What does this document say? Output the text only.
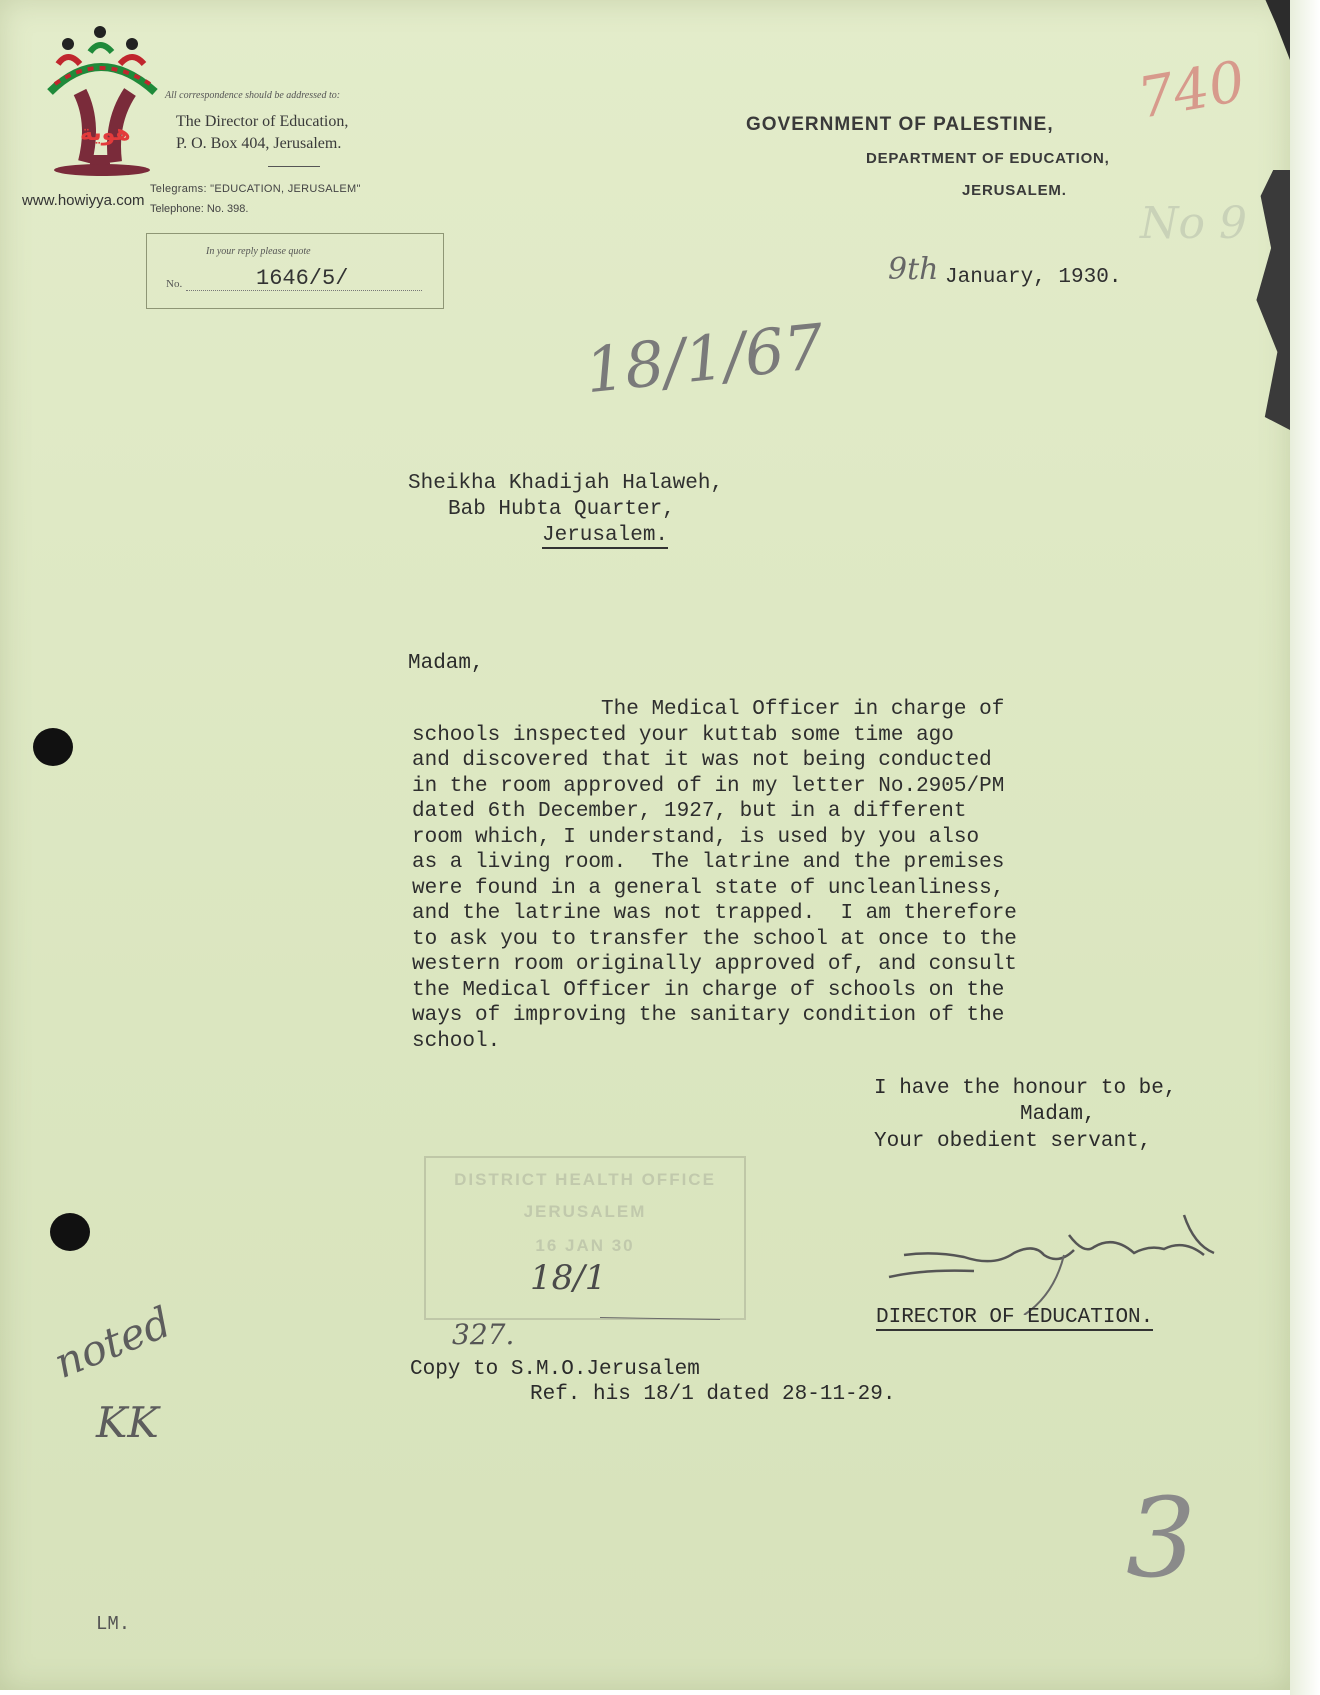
هوية
www.howiyya.com
All correspondence should be addressed to:
The Director of Education,
P. O. Box 404, Jerusalem.
Telegrams: "EDUCATION, JERUSALEM"
Telephone: No. 398.
In your reply please quote
No.	1646/5/
GOVERNMENT OF PALESTINE,
DEPARTMENT OF EDUCATION,
JERUSALEM.
9th January, 1930.
740
No 9
18/1/67
Sheikha Khadijah Halaweh,
Bab Hubta Quarter,
Jerusalem.
Madam,
The Medical Officer in charge of
schools inspected your kuttab some time ago
and discovered that it was not being conducted
in the room approved of in my letter No.2905/PM
dated 6th December, 1927, but in a different
room which, I understand, is used by you also
as a living room.  The latrine and the premises
were found in a general state of uncleanliness,
and the latrine was not trapped.  I am therefore
to ask you to transfer the school at once to the
western room originally approved of, and consult
the Medical Officer in charge of schools on the
ways of improving the sanitary condition of the
school.
I have the honour to be,
Madam,
Your obedient servant,
DIRECTOR OF EDUCATION.
DISTRICT HEALTH OFFICE
JERUSALEM
16 JAN 30
18/1
327.
Copy to S.M.O.Jerusalem
Ref. his 18/1 dated 28-11-29.
noted
KK
3
LM.
